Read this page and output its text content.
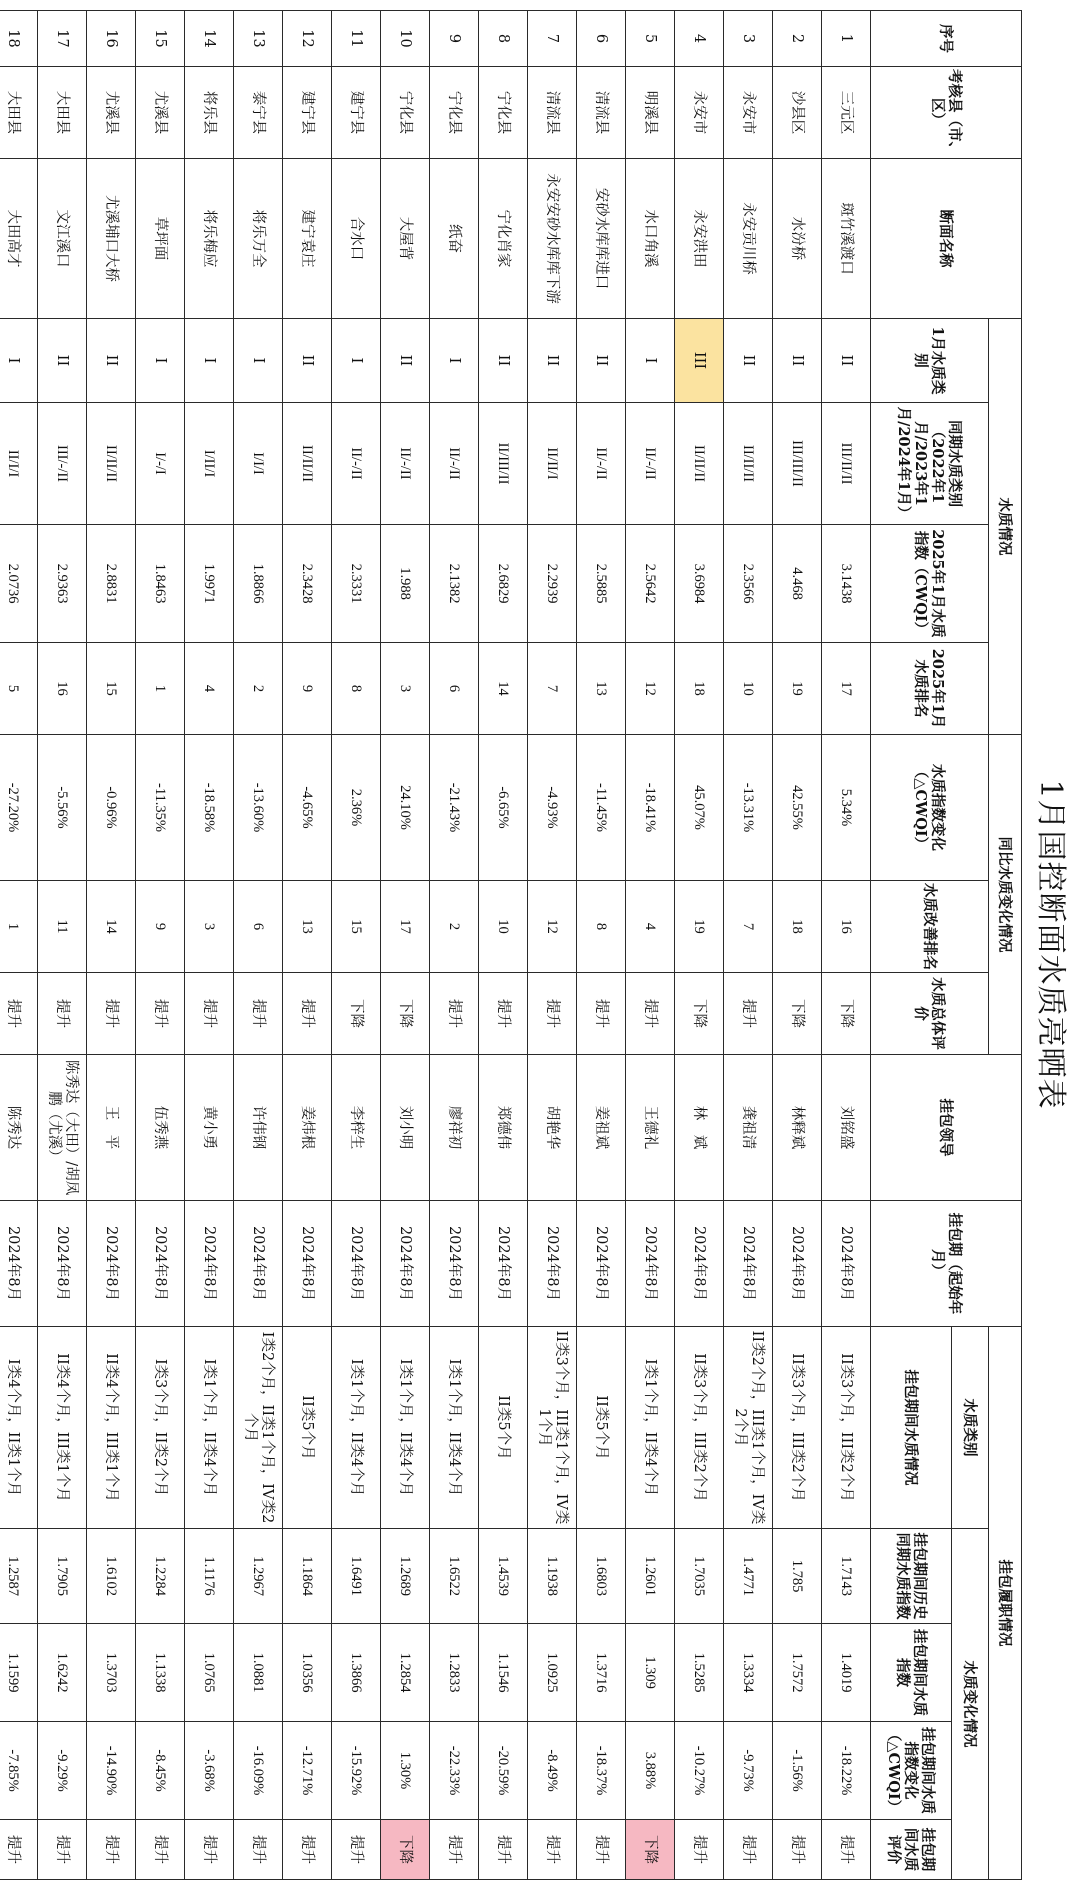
1月国控断面水质亮晒表
序号	考核县（市、区）	断面名称	水质情况				同比水质变化情况			挂包领导	挂包期（起始年月）	挂包履职情况				
												水质类别	水质变化情况			
			1月水质类别	同期水质类别（2022年1月/2023年1月/2024年1月）	2025年1月水质指数（CWQI）	2025年1月水质排名	水质指数变化（△CWQI）	水质改善排名	水质总体评价							
												挂包期间水质情况	挂包期间历史同期水质指数	挂包期间水质指数	挂包期间水质指数变化（△CWQI）	挂包期间水质评价
1	三元区	斑竹溪渡口	II	III/II/II	3.1438	17	5.34%	16	下降	刘铭盛	2024年8月	II类3个月，III类2个月	1.7143	1.4019	-18.22%	提升
2	沙县区	水汾桥	II	III/III/II	4.468	19	42.55%	18	下降	林释斌	2024年8月	II类3个月，III类2个月	1.785	1.7572	-1.56%	提升
3	永安市	永安贡川桥	II	II/II/II	2.3566	10	-13.31%	7	提升	龚祖清	2024年8月	II类2个月，III类1个月，IV类2个月	1.4771	1.3334	-9.73%	提升
4	永安市	永安洪田	III	II/II/II	3.6984	18	45.07%	19	下降	林　斌	2024年8月	II类3个月，III类2个月	1.7035	1.5285	-10.27%	提升
5	明溪县	水口角溪	I	II/-/II	2.5642	12	-18.41%	4	提升	王德礼	2024年8月	I类1个月，II类4个月	1.2601	1.309	3.88%	下降
6	清流县	安砂水库库进口	II	II/-/II	2.5885	13	-11.45%	8	提升	姜祖斌	2024年8月	II类5个月	1.6803	1.3716	-18.37%	提升
7	清流县	永安安砂水库库下游	II	II/II/I	2.2939	7	-4.93%	12	提升	胡艳华	2024年8月	II类3个月，III类1个月，IV类1个月	1.1938	1.0925	-8.49%	提升
8	宁化县	宁化肖家	II	II/III/II	2.6829	14	-6.65%	10	提升	郑德伟	2024年8月	II类5个月	1.4539	1.1546	-20.59%	提升
9	宁化县	纸奋	I	II/-/II	2.1382	6	-21.43%	2	提升	廖祥初	2024年8月	I类1个月，II类4个月	1.6522	1.2833	-22.33%	提升
10	宁化县	大屋背	II	II/-/II	1.988	3	24.10%	17	下降	刘小明	2024年8月	I类1个月，II类4个月	1.2689	1.2854	1.30%	下降
11	建宁县	合水口	I	II/-/II	2.3331	8	2.36%	15	下降	李梓生	2024年8月	I类1个月，II类4个月	1.6491	1.3866	-15.92%	提升
12	建宁县	建宁袁庄	II	II/II/II	2.3428	9	-4.65%	13	提升	姜炜根	2024年8月	II类5个月	1.1864	1.0356	-12.71%	提升
13	泰宁县	将乐万全	I	I/I/I	1.8866	2	-13.60%	6	提升	许伟钢	2024年8月	I类2个月，II类1个月，IV类2个月	1.2967	1.0881	-16.09%	提升
14	将乐县	将乐梅应	I	I/II/I	1.9971	4	-18.58%	3	提升	黄小勇	2024年8月	I类1个月，II类4个月	1.1176	1.0765	-3.68%	提升
15	尤溪县	草坪面	I	I/-/I	1.8463	1	-11.35%	9	提升	伍秀燕	2024年8月	I类3个月，II类2个月	1.2284	1.1338	-8.45%	提升
16	尤溪县	尤溪埔口大桥	II	II/II/II	2.8831	15	-0.96%	14	提升	王　平	2024年8月	II类4个月，III类1个月	1.6102	1.3703	-14.90%	提升
17	大田县	文江溪口	II	III/-/II	2.9363	16	-5.56%	11	提升	陈秀达（大田）/胡凤鹏（尤溪）	2024年8月	II类4个月，III类1个月	1.7905	1.6242	-9.29%	提升
18	大田县	大田高才	I	II/I/I	2.0736	5	-27.20%	1	提升	陈秀达	2024年8月	I类4个月，II类1个月	1.2587	1.1599	-7.85%	提升
